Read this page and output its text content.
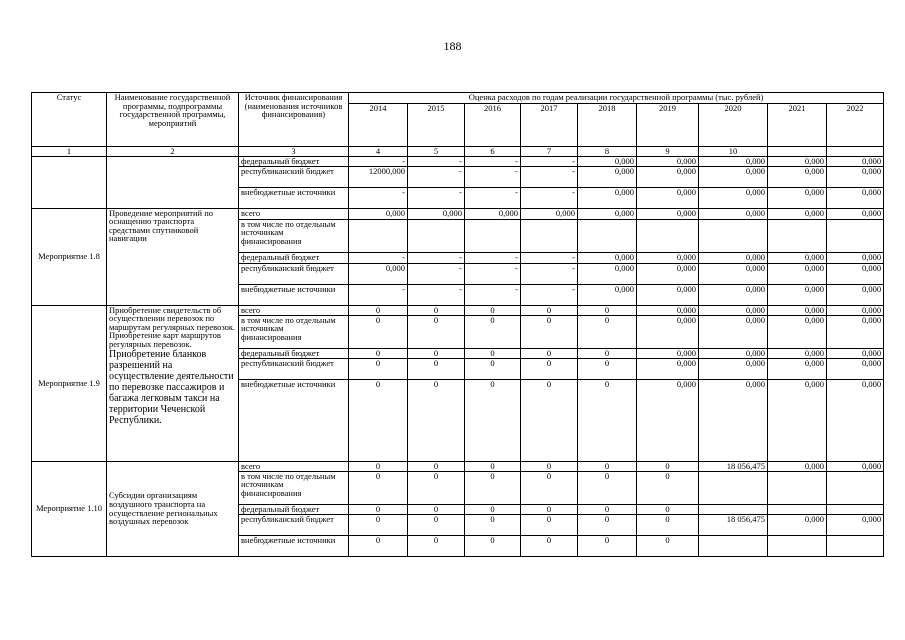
188
Статус	Наименование государственной программы, подпрограммы государственной программы, мероприятий	Источник финансирования (наименования источников финансирования)	Оценка расходов по годам реализации государственной программы (тыс. рублей)								
			2014	2015	2016	2017	2018	2019	2020	2021	2022
1	2	3	4	5	6	7	8	9	10		
		федеральный бюджет	-	-	-	-	0,000	0,000	0,000	0,000	0,000
		республиканский бюджет	12000,000	-	-	-	0,000	0,000	0,000	0,000	0,000
		внебюджетные источники	-	-	-	-	0,000	0,000	0,000	0,000	0,000
Мероприятие 1.8	Проведение мероприятий по оснащению транспорта средствами спутниковой навигации	всего	0,000	0,000	0,000	0,000	0,000	0,000	0,000	0,000	0,000
		в том числе по отдельным источникам финансирования									
		федеральный бюджет	-	-	-	-	0,000	0,000	0,000	0,000	0,000
		республиканский бюджет	0,000	-	-	-	0,000	0,000	0,000	0,000	0,000
		внебюджетные источники	-	-	-	-	0,000	0,000	0,000	0,000	0,000
Мероприятие 1.9	Приобретение свидетельств об осуществлении перевозок по маршрутам регулярных перевозок. Приобретение карт маршрутов регулярных перевозок.
Приобретение бланков разрешений на осуществление деятельности по перевозке пассажиров и багажа легковым такси на территории Чеченской Республики.	всего	0	0	0	0	0	0,000	0,000	0,000	0,000
		в том числе по отдельным источникам финансирования	0	0	0	0	0	0,000	0,000	0,000	0,000
		федеральный бюджет	0	0	0	0	0	0,000	0,000	0,000	0,000
		республиканский бюджет	0	0	0	0	0	0,000	0,000	0,000	0,000
		внебюджетные источники	0	0	0	0	0	0,000	0,000	0,000	0,000
Мероприятие 1.10	Субсидии организациям воздушного транспорта на осуществление региональных воздушных перевозок	всего	0	0	0	0	0	0	18 056,475	0,000	0,000
		в том числе по отдельным источникам финансирования	0	0	0	0	0	0			
		федеральный бюджет	0	0	0	0	0	0			
		республиканский бюджет	0	0	0	0	0	0	18 056,475	0,000	0,000
		внебюджетные источники	0	0	0	0	0	0			
